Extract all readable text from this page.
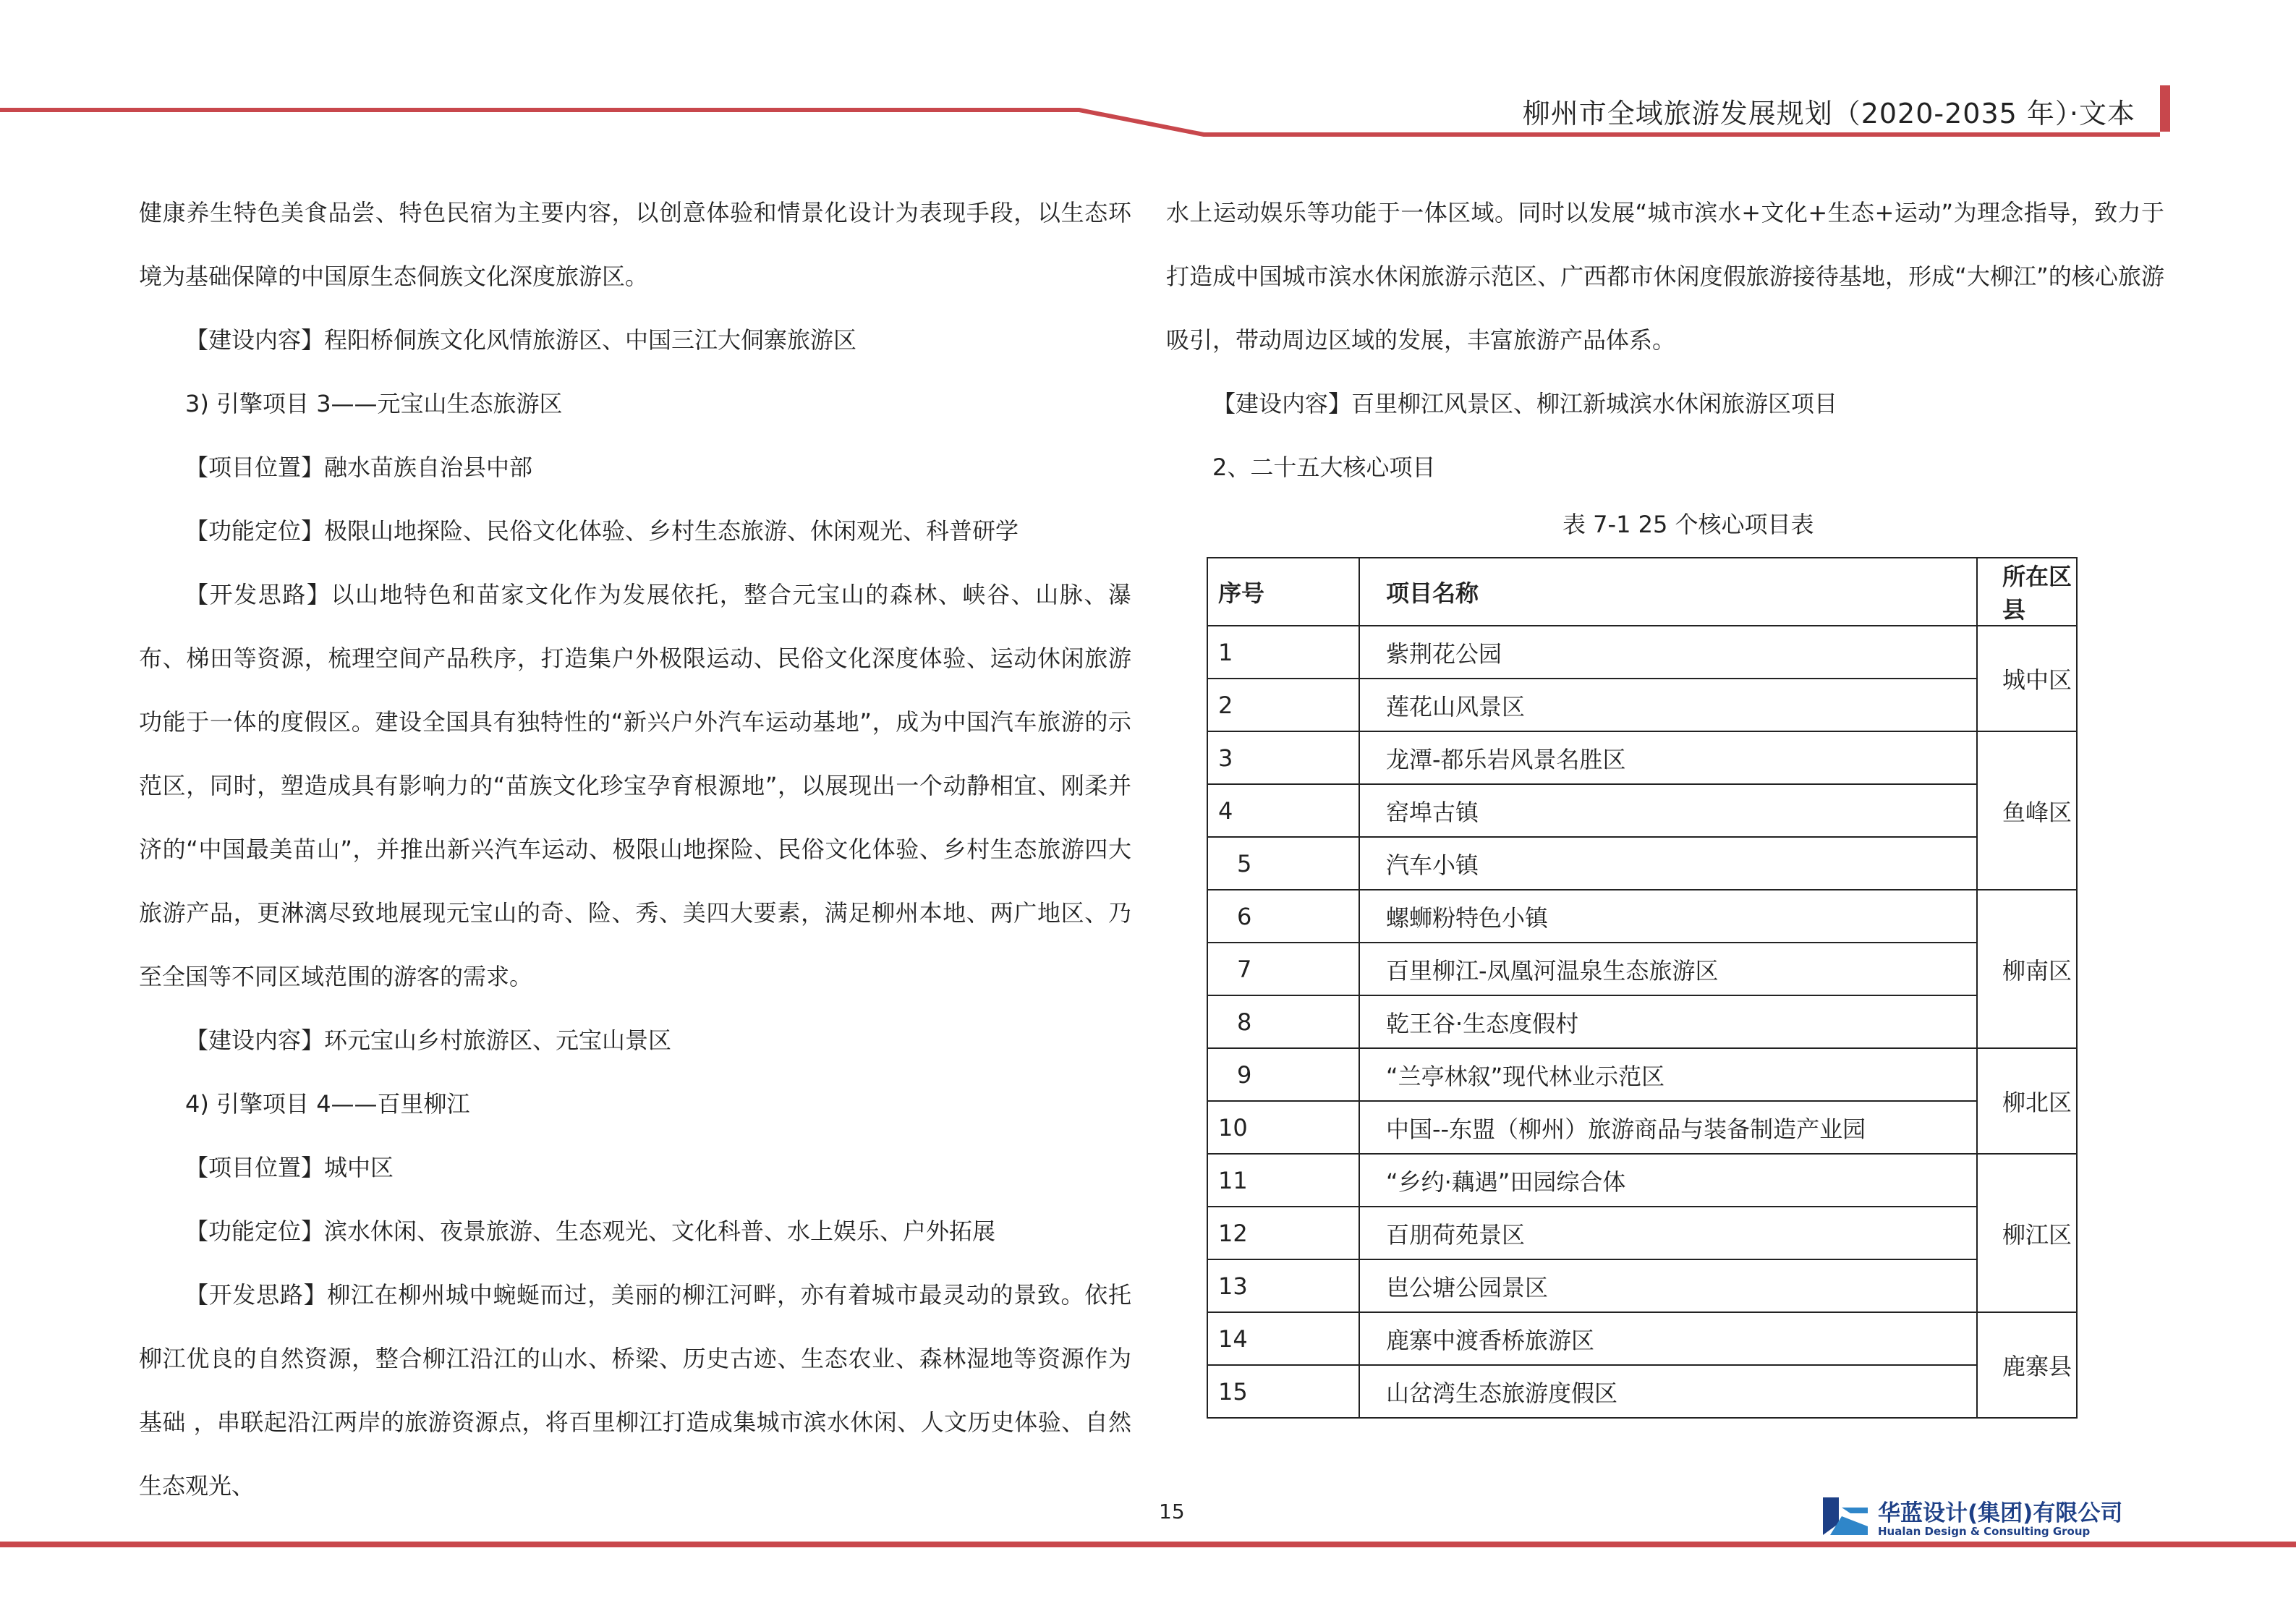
柳州市全域旅游发展规划（2020-2035 年）·文本

健康养生特色美食品尝、特色民宿为主要内容，以创意体验和情景化设计为表现手段，以生态环境为基础保障的中国原生态侗族文化深度旅游区。

【建设内容】程阳桥侗族文化风情旅游区、中国三江大侗寨旅游区

3) 引擎项目 3——元宝山生态旅游区

【项目位置】融水苗族自治县中部

【功能定位】极限山地探险、民俗文化体验、乡村生态旅游、休闲观光、科普研学

【开发思路】以山地特色和苗家文化作为发展依托，整合元宝山的森林、峡谷、山脉、瀑布、梯田等资源，梳理空间产品秩序，打造集户外极限运动、民俗文化深度体验、运动休闲旅游功能于一体的度假区。建设全国具有独特性的“新兴户外汽车运动基地”，成为中国汽车旅游的示范区，同时，塑造成具有影响力的“苗族文化珍宝孕育根源地”，以展现出一个动静相宜、刚柔并济的“中国最美苗山”，并推出新兴汽车运动、极限山地探险、民俗文化体验、乡村生态旅游四大旅游产品，更淋漓尽致地展现元宝山的奇、险、秀、美四大要素，满足柳州本地、两广地区、乃至全国等不同区域范围的游客的需求。

【建设内容】环元宝山乡村旅游区、元宝山景区

4) 引擎项目 4——百里柳江

【项目位置】城中区

【功能定位】滨水休闲、夜景旅游、生态观光、文化科普、水上娱乐、户外拓展

【开发思路】柳江在柳州城中蜿蜒而过，美丽的柳江河畔，亦有着城市最灵动的景致。依托柳江优良的自然资源，整合柳江沿江的山水、桥梁、历史古迹、生态农业、森林湿地等资源作为基础 ，串联起沿江两岸的旅游资源点，将百里柳江打造成集城市滨水休闲、人文历史体验、自然生态观光、

水上运动娱乐等功能于一体区域。同时以发展“城市滨水+文化+生态+运动”为理念指导，致力于打造成中国城市滨水休闲旅游示范区、广西都市休闲度假旅游接待基地，形成“大柳江”的核心旅游吸引，带动周边区域的发展，丰富旅游产品体系。

【建设内容】百里柳江风景区、柳江新城滨水休闲旅游区项目

2、二十五大核心项目

表 7-1 25 个核心项目表
序号	项目名称	所在区县
1	紫荆花公园	城中区
2	莲花山风景区	
3	龙潭-都乐岩风景名胜区	鱼峰区
4	窑埠古镇	
5	汽车小镇	
6	螺蛳粉特色小镇	柳南区
7	百里柳江-凤凰河温泉生态旅游区	
8	乾王谷·生态度假村	
9	“兰亭林叙”现代林业示范区	柳北区
10	中国--东盟（柳州）旅游商品与装备制造产业园	
11	“乡约·藕遇”田园综合体	柳江区
12	百朋荷苑景区	
13	岜公塘公园景区	
14	鹿寨中渡香桥旅游区	鹿寨县
15	山岔湾生态旅游度假区	
15	华蓝设计(集团)有限公司
Hualan Design & Consulting Group
